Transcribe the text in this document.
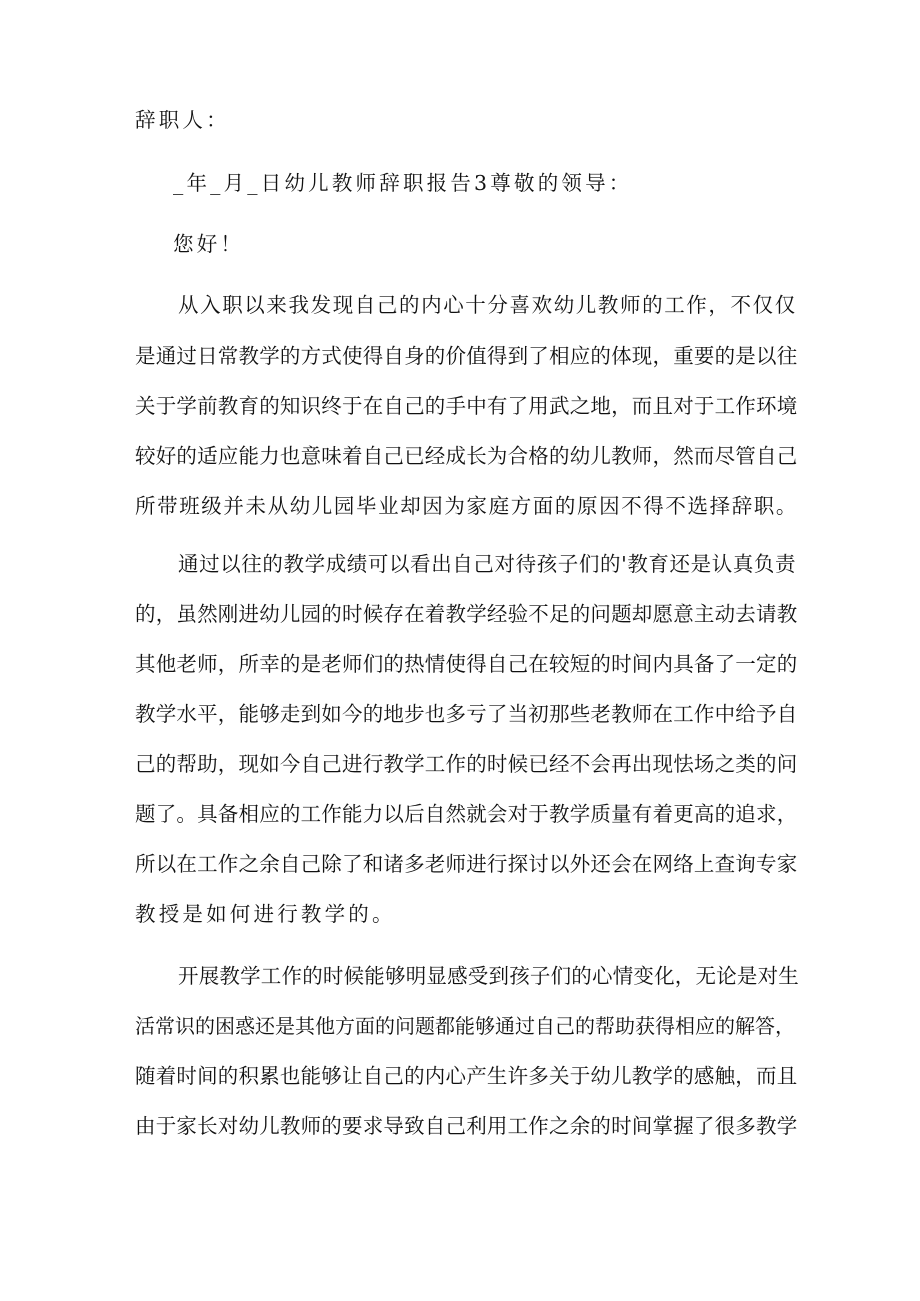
辞职人：
_年_月_日幼儿教师辞职报告3尊敬的领导：
您好！
从入职以来我发现自己的内心十分喜欢幼儿教师的工作，不仅仅
是通过日常教学的方式使得自身的价值得到了相应的体现，重要的是以往
关于学前教育的知识终于在自己的手中有了用武之地，而且对于工作环境
较好的适应能力也意味着自己已经成长为合格的幼儿教师，然而尽管自己
所带班级并未从幼儿园毕业却因为家庭方面的原因不得不选择辞职。
通过以往的教学成绩可以看出自己对待孩子们的'教育还是认真负责
的，虽然刚进幼儿园的时候存在着教学经验不足的问题却愿意主动去请教
其他老师，所幸的是老师们的热情使得自己在较短的时间内具备了一定的
教学水平，能够走到如今的地步也多亏了当初那些老教师在工作中给予自
己的帮助，现如今自己进行教学工作的时候已经不会再出现怯场之类的问
题了。具备相应的工作能力以后自然就会对于教学质量有着更高的追求，
所以在工作之余自己除了和诸多老师进行探讨以外还会在网络上查询专家
教授是如何进行教学的。
开展教学工作的时候能够明显感受到孩子们的心情变化，无论是对生
活常识的困惑还是其他方面的问题都能够通过自己的帮助获得相应的解答，
随着时间的积累也能够让自己的内心产生许多关于幼儿教学的感触，而且
由于家长对幼儿教师的要求导致自己利用工作之余的时间掌握了很多教学
